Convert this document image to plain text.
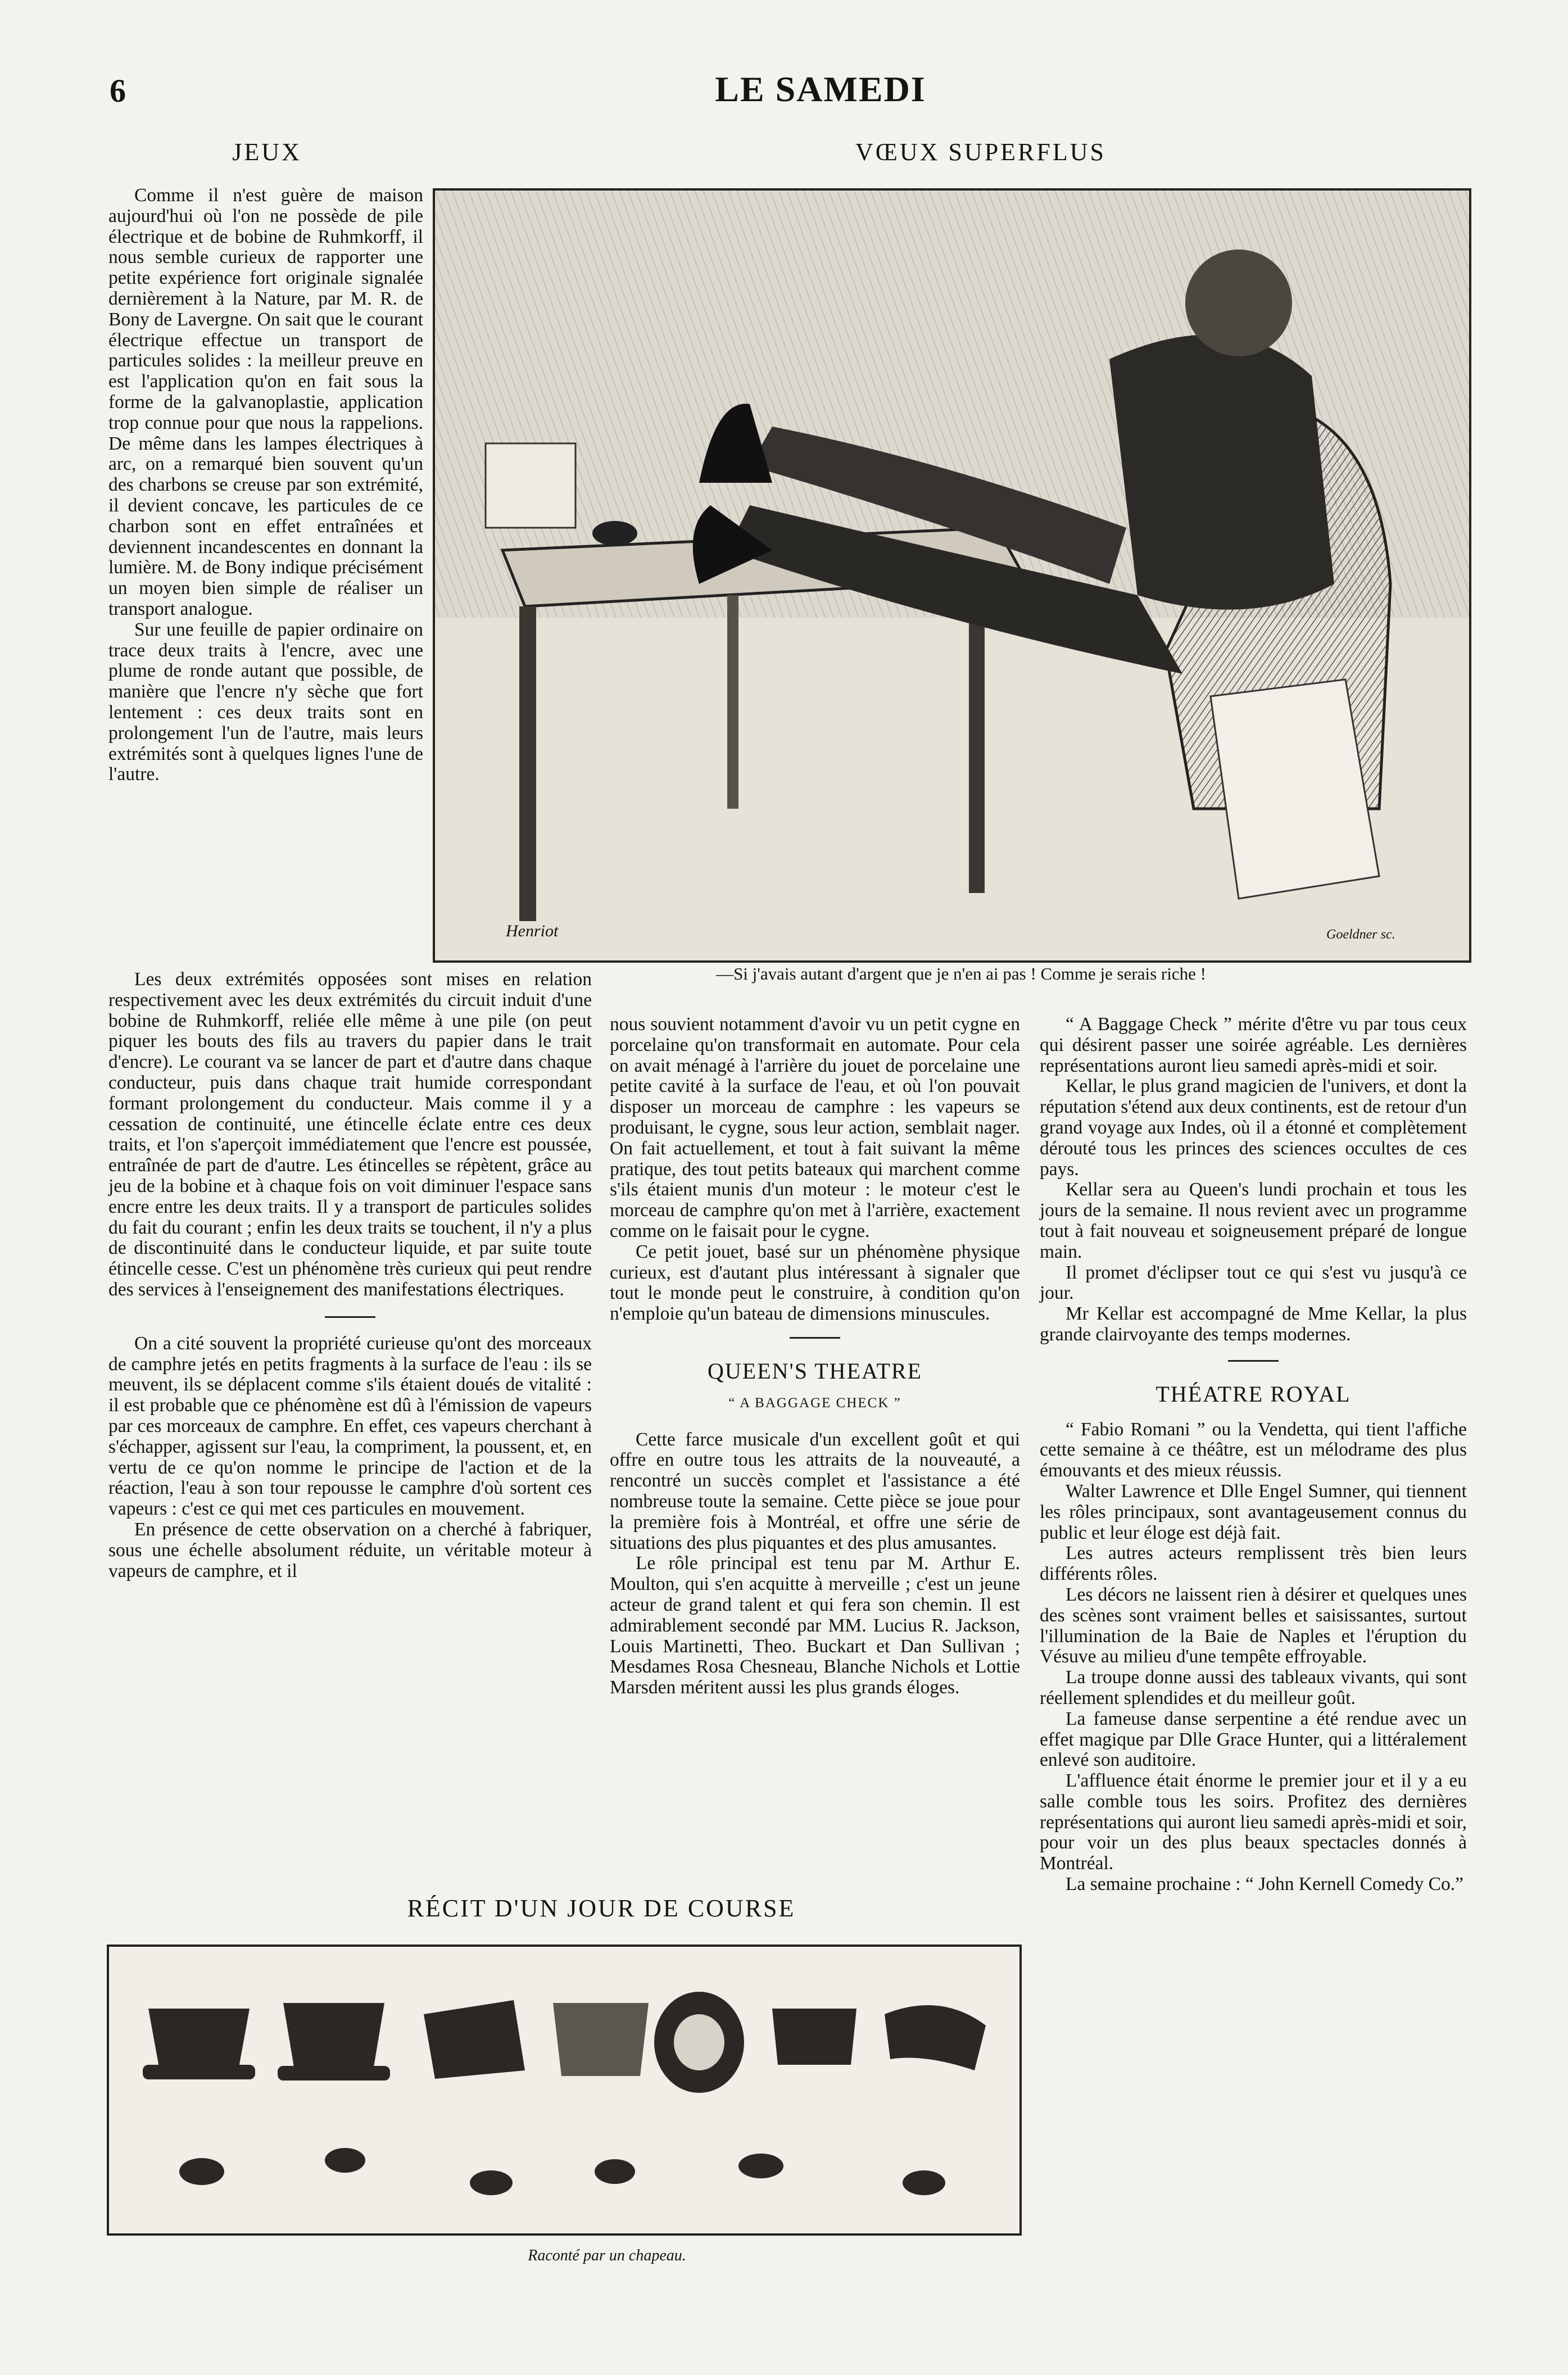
6	LE SAMEDI
JEUX

Comme il n'est guère de maison aujourd'hui où l'on ne possède de pile électrique et de bobine de Ruhmkorff, il nous semble curieux de rapporter une petite expérience fort originale signalée dernièrement à la Nature, par M. R. de Bony de Lavergne. On sait que le courant électrique effectue un transport de particules solides : la meilleur preuve en est l'application qu'on en fait sous la forme de la galvanoplastie, application trop connue pour que nous la rappelions. De même dans les lampes électriques à arc, on a remarqué bien souvent qu'un des charbons se creuse par son extrémité, il devient concave, les particules de ce charbon sont en effet entraînées et deviennent incandescentes en donnant la lumière. M. de Bony indique précisément un moyen bien simple de réaliser un transport analogue.

Sur une feuille de papier ordinaire on trace deux traits à l'encre, avec une plume de ronde autant que possible, de manière que l'encre n'y sèche que fort lentement : ces deux traits sont en prolongement l'un de l'autre, mais leurs extrémités sont à quelques lignes l'une de l'autre.

Les deux extrémités opposées sont mises en relation respectivement avec les deux extrémités du circuit induit d'une bobine de Ruhmkorff, reliée elle même à une pile (on peut piquer les bouts des fils au travers du papier dans le trait d'encre). Le courant va se lancer de part et d'autre dans chaque conducteur, puis dans chaque trait humide correspondant formant prolongement du conducteur. Mais comme il y a cessation de continuité, une étincelle éclate entre ces deux traits, et l'on s'aperçoit immédiatement que l'encre est poussée, entraînée de part de d'autre. Les étincelles se répètent, grâce au jeu de la bobine et à chaque fois on voit diminuer l'espace sans encre entre les deux traits. Il y a transport de particules solides du fait du courant ; enfin les deux traits se touchent, il n'y a plus de discontinuité dans le conducteur liquide, et par suite toute étincelle cesse. C'est un phénomène très curieux qui peut rendre des services à l'enseignement des manifestations électriques.

On a cité souvent la propriété curieuse qu'ont des morceaux de camphre jetés en petits fragments à la surface de l'eau : ils se meuvent, ils se déplacent comme s'ils étaient doués de vitalité : il est probable que ce phénomène est dû à l'émission de vapeurs par ces morceaux de camphre. En effet, ces vapeurs cherchant à s'échapper, agissent sur l'eau, la compriment, la poussent, et, en vertu de ce qu'on nomme le principe de l'action et de la réaction, l'eau à son tour repousse le camphre d'où sortent ces vapeurs : c'est ce qui met ces particules en mouvement.

En présence de cette observation on a cherché à fabriquer, sous une échelle absolument réduite, un véritable moteur à vapeurs de camphre, et il

VŒUX SUPERFLUS
Henriot	Goeldner sc.
—Si j'avais autant d'argent que je n'en ai pas ! Comme je serais riche !

nous souvient notamment d'avoir vu un petit cygne en porcelaine qu'on transformait en automate. Pour cela on avait ménagé à l'arrière du jouet de porcelaine une petite cavité à la surface de l'eau, et où l'on pouvait disposer un morceau de camphre : les vapeurs se produisant, le cygne, sous leur action, semblait nager. On fait actuellement, et tout à fait suivant la même pratique, des tout petits bateaux qui marchent comme s'ils étaient munis d'un moteur : le moteur c'est le morceau de camphre qu'on met à l'arrière, exactement comme on le faisait pour le cygne.

Ce petit jouet, basé sur un phénomène physique curieux, est d'autant plus intéressant à signaler que tout le monde peut le construire, à condition qu'on n'emploie qu'un bateau de dimensions minuscules.

QUEEN'S THEATRE
“ A BAGGAGE CHECK ”

Cette farce musicale d'un excellent goût et qui offre en outre tous les attraits de la nouveauté, a rencontré un succès complet et l'assistance a été nombreuse toute la semaine. Cette pièce se joue pour la première fois à Montréal, et offre une série de situations des plus piquantes et des plus amusantes.

Le rôle principal est tenu par M. Arthur E. Moulton, qui s'en acquitte à merveille ; c'est un jeune acteur de grand talent et qui fera son chemin. Il est admirablement secondé par MM. Lucius R. Jackson, Louis Martinetti, Theo. Buckart et Dan Sullivan ; Mesdames Rosa Chesneau, Blanche Nichols et Lottie Marsden méritent aussi les plus grands éloges.

“ A Baggage Check ” mérite d'être vu par tous ceux qui désirent passer une soirée agréable. Les dernières représentations auront lieu samedi après-midi et soir.

Kellar, le plus grand magicien de l'univers, et dont la réputation s'étend aux deux continents, est de retour d'un grand voyage aux Indes, où il a étonné et complètement dérouté tous les princes des sciences occultes de ces pays.

Kellar sera au Queen's lundi prochain et tous les jours de la semaine. Il nous revient avec un programme tout à fait nouveau et soigneusement préparé de longue main.

Il promet d'éclipser tout ce qui s'est vu jusqu'à ce jour.

Mr Kellar est accompagné de Mme Kellar, la plus grande clairvoyante des temps modernes.

THÉATRE ROYAL

“ Fabio Romani ” ou la Vendetta, qui tient l'affiche cette semaine à ce théâtre, est un mélodrame des plus émouvants et des mieux réussis.

Walter Lawrence et Dlle Engel Sumner, qui tiennent les rôles principaux, sont avantageusement connus du public et leur éloge est déjà fait.

Les autres acteurs remplissent très bien leurs différents rôles.

Les décors ne laissent rien à désirer et quelques unes des scènes sont vraiment belles et saisissantes, surtout l'illumination de la Baie de Naples et l'éruption du Vésuve au milieu d'une tempête effroyable.

La troupe donne aussi des tableaux vivants, qui sont réellement splendides et du meilleur goût.

La fameuse danse serpentine a été rendue avec un effet magique par Dlle Grace Hunter, qui a littéralement enlevé son auditoire.

L'affluence était énorme le premier jour et il y a eu salle comble tous les soirs. Profitez des dernières représentations qui auront lieu samedi après-midi et soir, pour voir un des plus beaux spectacles donnés à Montréal.

La semaine prochaine : “ John Kernell Comedy Co.”

RÉCIT D'UN JOUR DE COURSE
Raconté par un chapeau.
